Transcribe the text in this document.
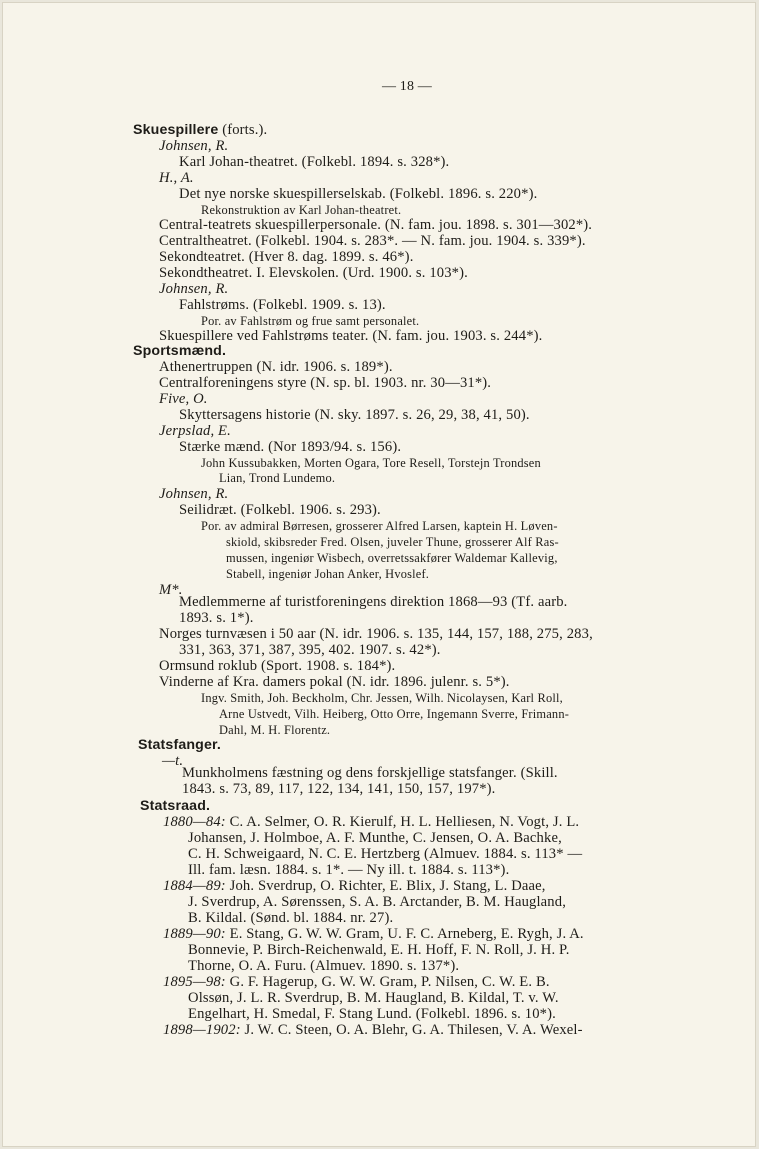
— 18 —
Skuespillere (forts.).
Johnsen, R.
Karl Johan-theatret. (Folkebl. 1894. s. 328*).
H., A.
Det nye norske skuespillerselskab. (Folkebl. 1896. s. 220*).
Rekonstruktion av Karl Johan-theatret.
Central-teatrets skuespillerpersonale. (N. fam. jou. 1898. s. 301—302*).
Centraltheatret. (Folkebl. 1904. s. 283*. — N. fam. jou. 1904. s. 339*).
Sekondteatret. (Hver 8. dag. 1899. s. 46*).
Sekondtheatret. I. Elevskolen. (Urd. 1900. s. 103*).
Johnsen, R.
Fahlstrøms. (Folkebl. 1909. s. 13).
Por. av Fahlstrøm og frue samt personalet.
Skuespillere ved Fahlstrøms teater. (N. fam. jou. 1903. s. 244*).
Sportsmænd.
Athenertruppen (N. idr. 1906. s. 189*).
Centralforeningens styre (N. sp. bl. 1903. nr. 30—31*).
Five, O.
Skyttersagens historie (N. sky. 1897. s. 26, 29, 38, 41, 50).
Jerpslad, E.
Stærke mænd. (Nor 1893/94. s. 156).
John Kussubakken, Morten Ogara, Tore Resell, Torstejn Trondsen
Lian, Trond Lundemo.
Johnsen, R.
Seilidræt. (Folkebl. 1906. s. 293).
Por. av admiral Børresen, grosserer Alfred Larsen, kaptein H. Løven-
skiold, skibsreder Fred. Olsen, juveler Thune, grosserer Alf Ras-
mussen, ingeniør Wisbech, overretssakfører Waldemar Kallevig,
Stabell, ingeniør Johan Anker, Hvoslef.
M*.
Medlemmerne af turistforeningens direktion 1868—93 (Tf. aarb.
1893. s. 1*).
Norges turnvæsen i 50 aar (N. idr. 1906. s. 135, 144, 157, 188, 275, 283,
331, 363, 371, 387, 395, 402. 1907. s. 42*).
Ormsund roklub (Sport. 1908. s. 184*).
Vinderne af Kra. damers pokal (N. idr. 1896. julenr. s. 5*).
Ingv. Smith, Joh. Beckholm, Chr. Jessen, Wilh. Nicolaysen, Karl Roll,
Arne Ustvedt, Vilh. Heiberg, Otto Orre, Ingemann Sverre, Frimann-
Dahl, M. H. Florentz.
Statsfanger.
—t.
Munkholmens fæstning og dens forskjellige statsfanger. (Skill.
1843. s. 73, 89, 117, 122, 134, 141, 150, 157, 197*).
Statsraad.
1880—84: C. A. Selmer, O. R. Kierulf, H. L. Helliesen, N. Vogt, J. L.
Johansen, J. Holmboe, A. F. Munthe, C. Jensen, O. A. Bachke,
C. H. Schweigaard, N. C. E. Hertzberg (Almuev. 1884. s. 113* —
Ill. fam. læsn. 1884. s. 1*. — Ny ill. t. 1884. s. 113*).
1884—89: Joh. Sverdrup, O. Richter, E. Blix, J. Stang, L. Daae,
J. Sverdrup, A. Sørenssen, S. A. B. Arctander, B. M. Haugland,
B. Kildal. (Sønd. bl. 1884. nr. 27).
1889—90: E. Stang, G. W. W. Gram, U. F. C. Arneberg, E. Rygh, J. A.
Bonnevie, P. Birch-Reichenwald, E. H. Hoff, F. N. Roll, J. H. P.
Thorne, O. A. Furu. (Almuev. 1890. s. 137*).
1895—98: G. F. Hagerup, G. W. W. Gram, P. Nilsen, C. W. E. B.
Olssøn, J. L. R. Sverdrup, B. M. Haugland, B. Kildal, T. v. W.
Engelhart, H. Smedal, F. Stang Lund. (Folkebl. 1896. s. 10*).
1898—1902: J. W. C. Steen, O. A. Blehr, G. A. Thilesen, V. A. Wexel-
